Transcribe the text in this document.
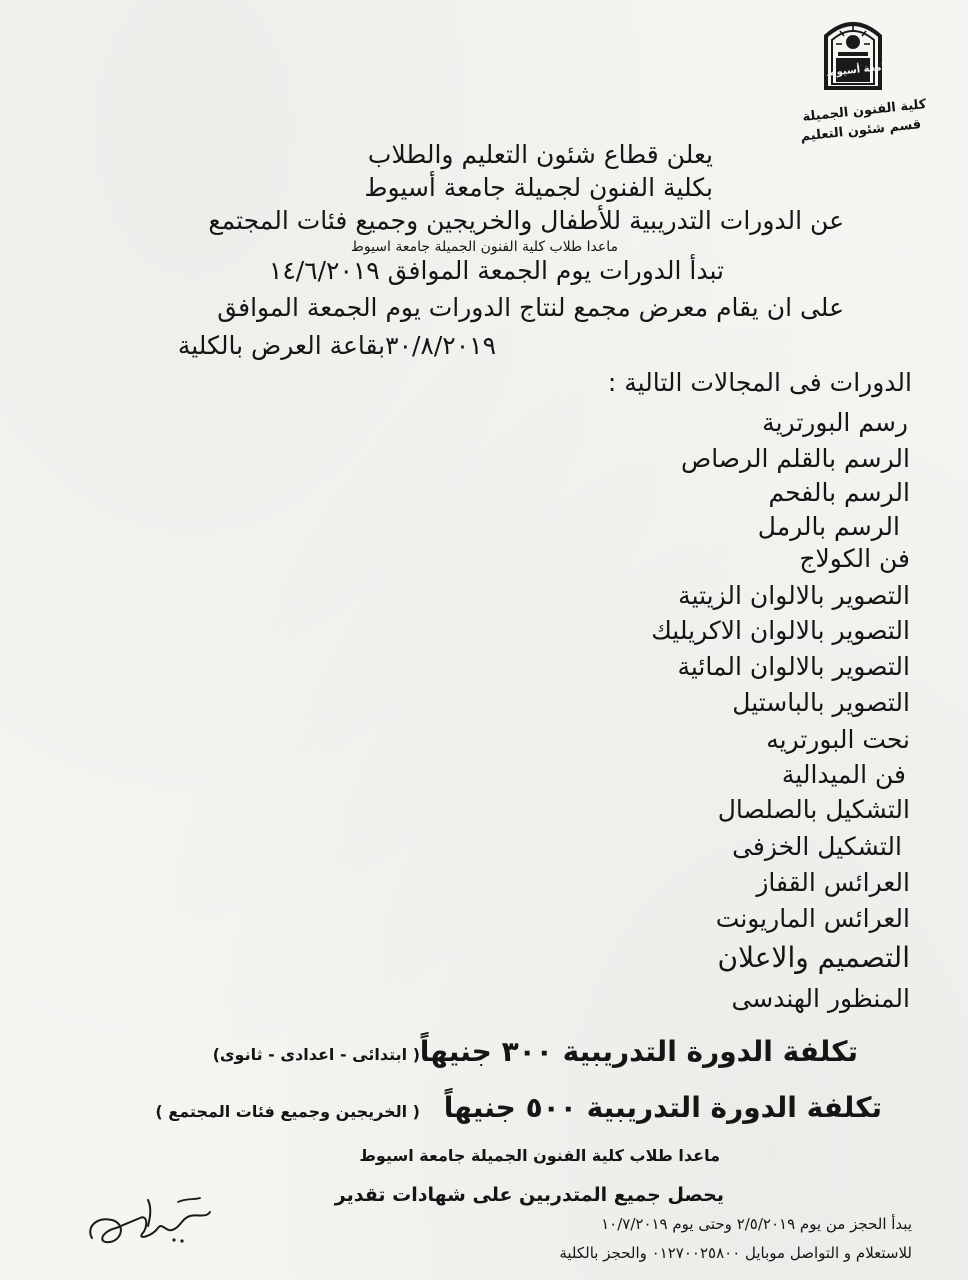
جامعة أسيوط
كلية الفنون الجميلة
قسم شئون التعليم

يعلن قطاع شئون التعليم والطلاب

بكلية الفنون لجميلة جامعة أسيوط

عن الدورات التدريبية للأطفال والخريجين وجميع فئات المجتمع

ماعدا طلاب كلية الفنون الجميلة جامعة اسيوط

تبدأ الدورات يوم الجمعة الموافق ١٤/٦/٢٠١٩

على ان يقام معرض مجمع لنتاج الدورات يوم الجمعة الموافق

٣٠/٨/٢٠١٩بقاعة العرض بالكلية

الدورات فى المجالات التالية :

رسم البورترية

الرسم بالقلم الرصاص

الرسم بالفحم

الرسم بالرمل

فن الكولاج

التصوير بالالوان الزيتية

التصوير بالالوان الاكريليك

التصوير بالالوان المائية

التصوير بالباستيل

نحت البورتريه

فن الميدالية

التشكيل بالصلصال

التشكيل الخزفى

العرائس القفاز

العرائس الماريونت

التصميم والاعلان

المنظور الهندسى

تكلفة الدورة التدريبية ٣٠٠ جنيهاً

( ابتدائى - اعدادى - ثانوى)

تكلفة الدورة التدريبية ٥٠٠ جنيهاً

( الخريجين وجميع فئات المجتمع )

ماعدا طلاب كلية الفنون الجميلة جامعة اسيوط

يحصل جميع المتدربين على شهادات تقدير

يبدأ الحجز من يوم ٢/٥/٢٠١٩ وحتى يوم ١٠/٧/٢٠١٩

للاستعلام و التواصل موبايل ٠١٢٧٠٠٢٥٨٠٠ والحجز بالكلية
